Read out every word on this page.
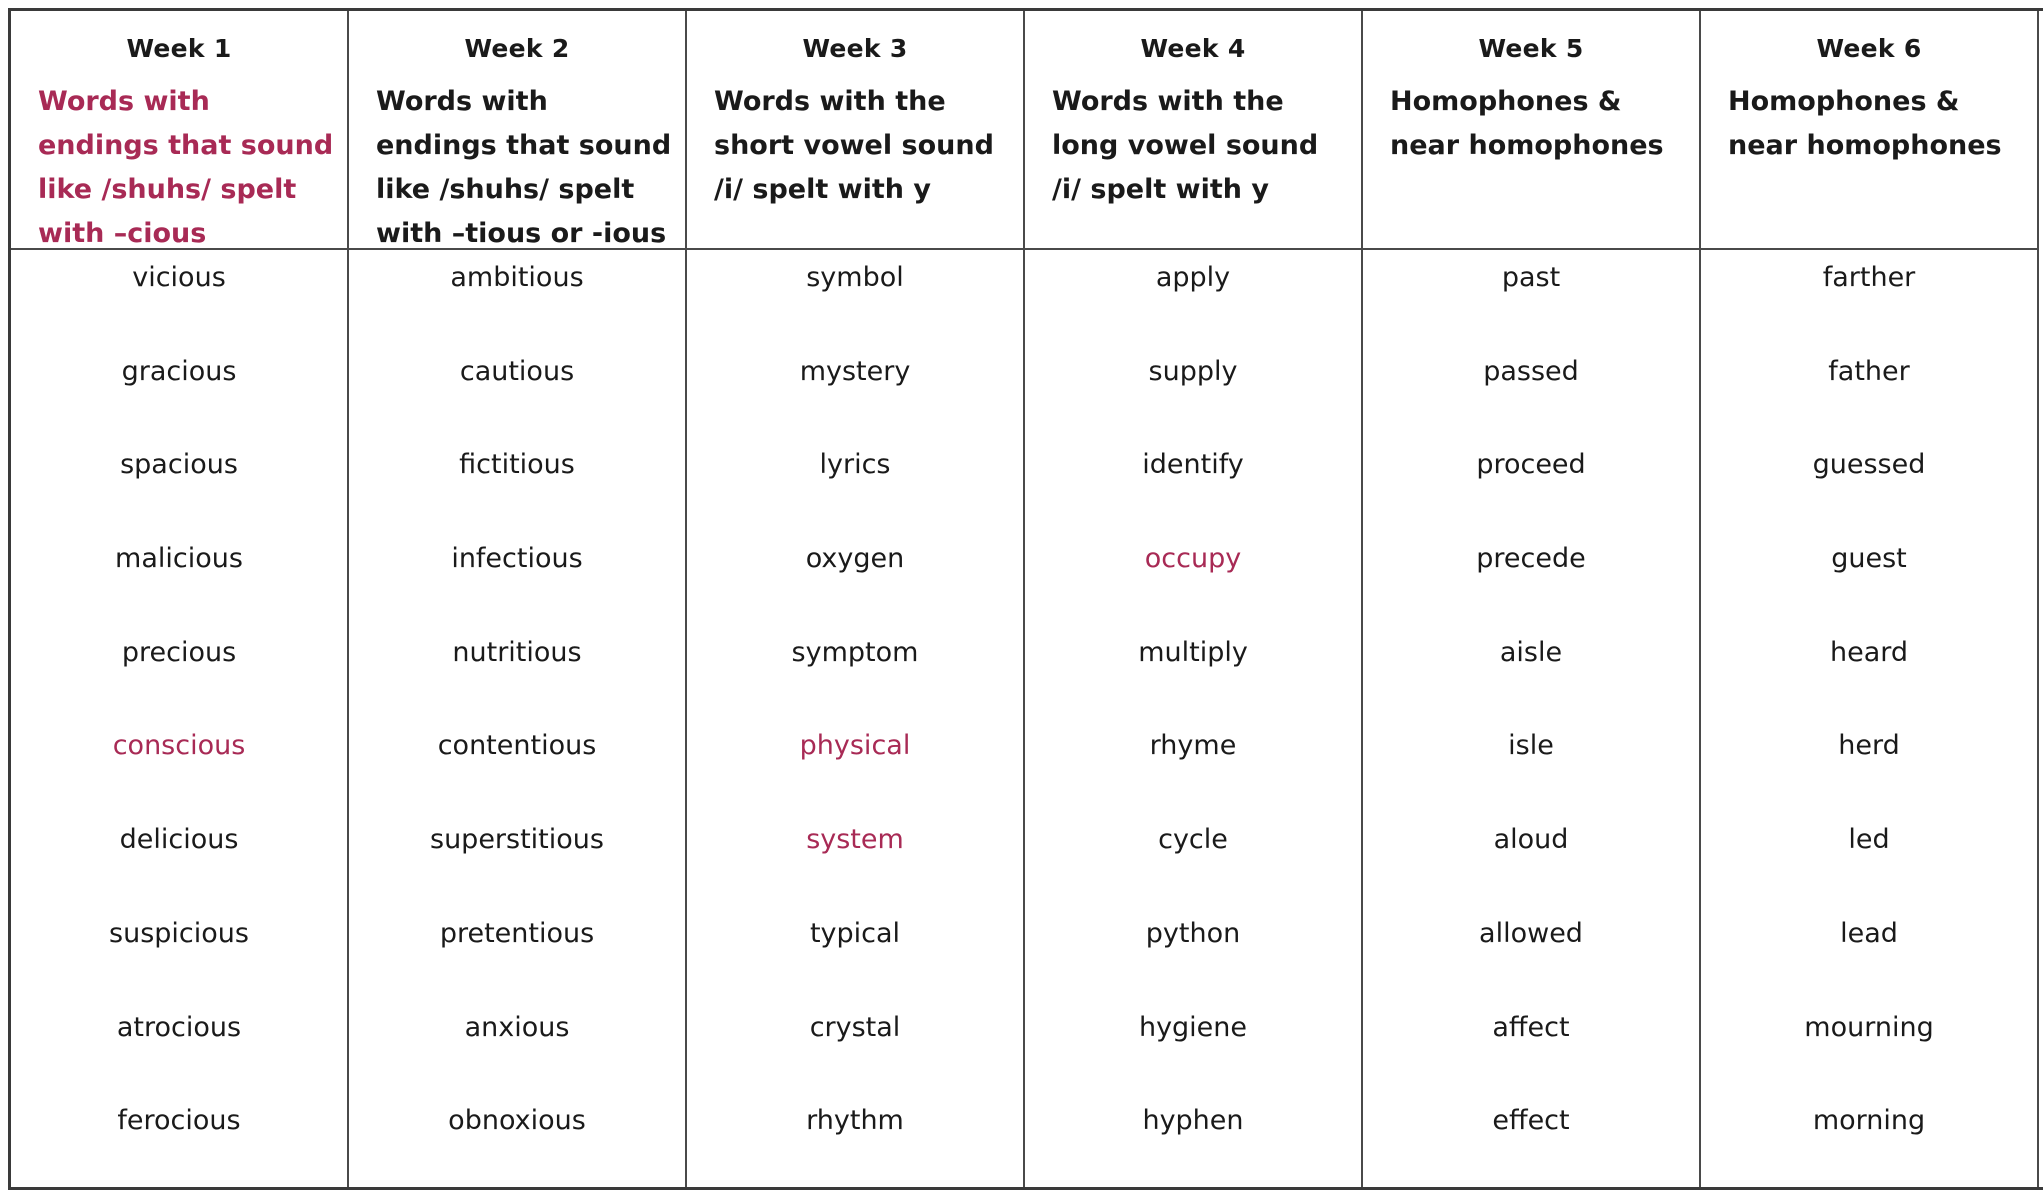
Week 1
Words with endings that sound like /shuhs/ spelt with –cious
vicious
gracious
spacious
malicious
precious
conscious
delicious
suspicious
atrocious
ferocious
Week 2
Words with endings that sound like /shuhs/ spelt with –tious or -ious
ambitious
cautious
fictitious
infectious
nutritious
contentious
superstitious
pretentious
anxious
obnoxious
Week 3
Words with the short vowel sound /i/ spelt with y
symbol
mystery
lyrics
oxygen
symptom
physical
system
typical
crystal
rhythm
Week 4
Words with the long vowel sound /i/ spelt with y
apply
supply
identify
occupy
multiply
rhyme
cycle
python
hygiene
hyphen
Week 5
Homophones & near homophones
past
passed
proceed
precede
aisle
isle
aloud
allowed
affect
effect
Week 6
Homophones & near homophones
farther
father
guessed
guest
heard
herd
led
lead
mourning
morning
